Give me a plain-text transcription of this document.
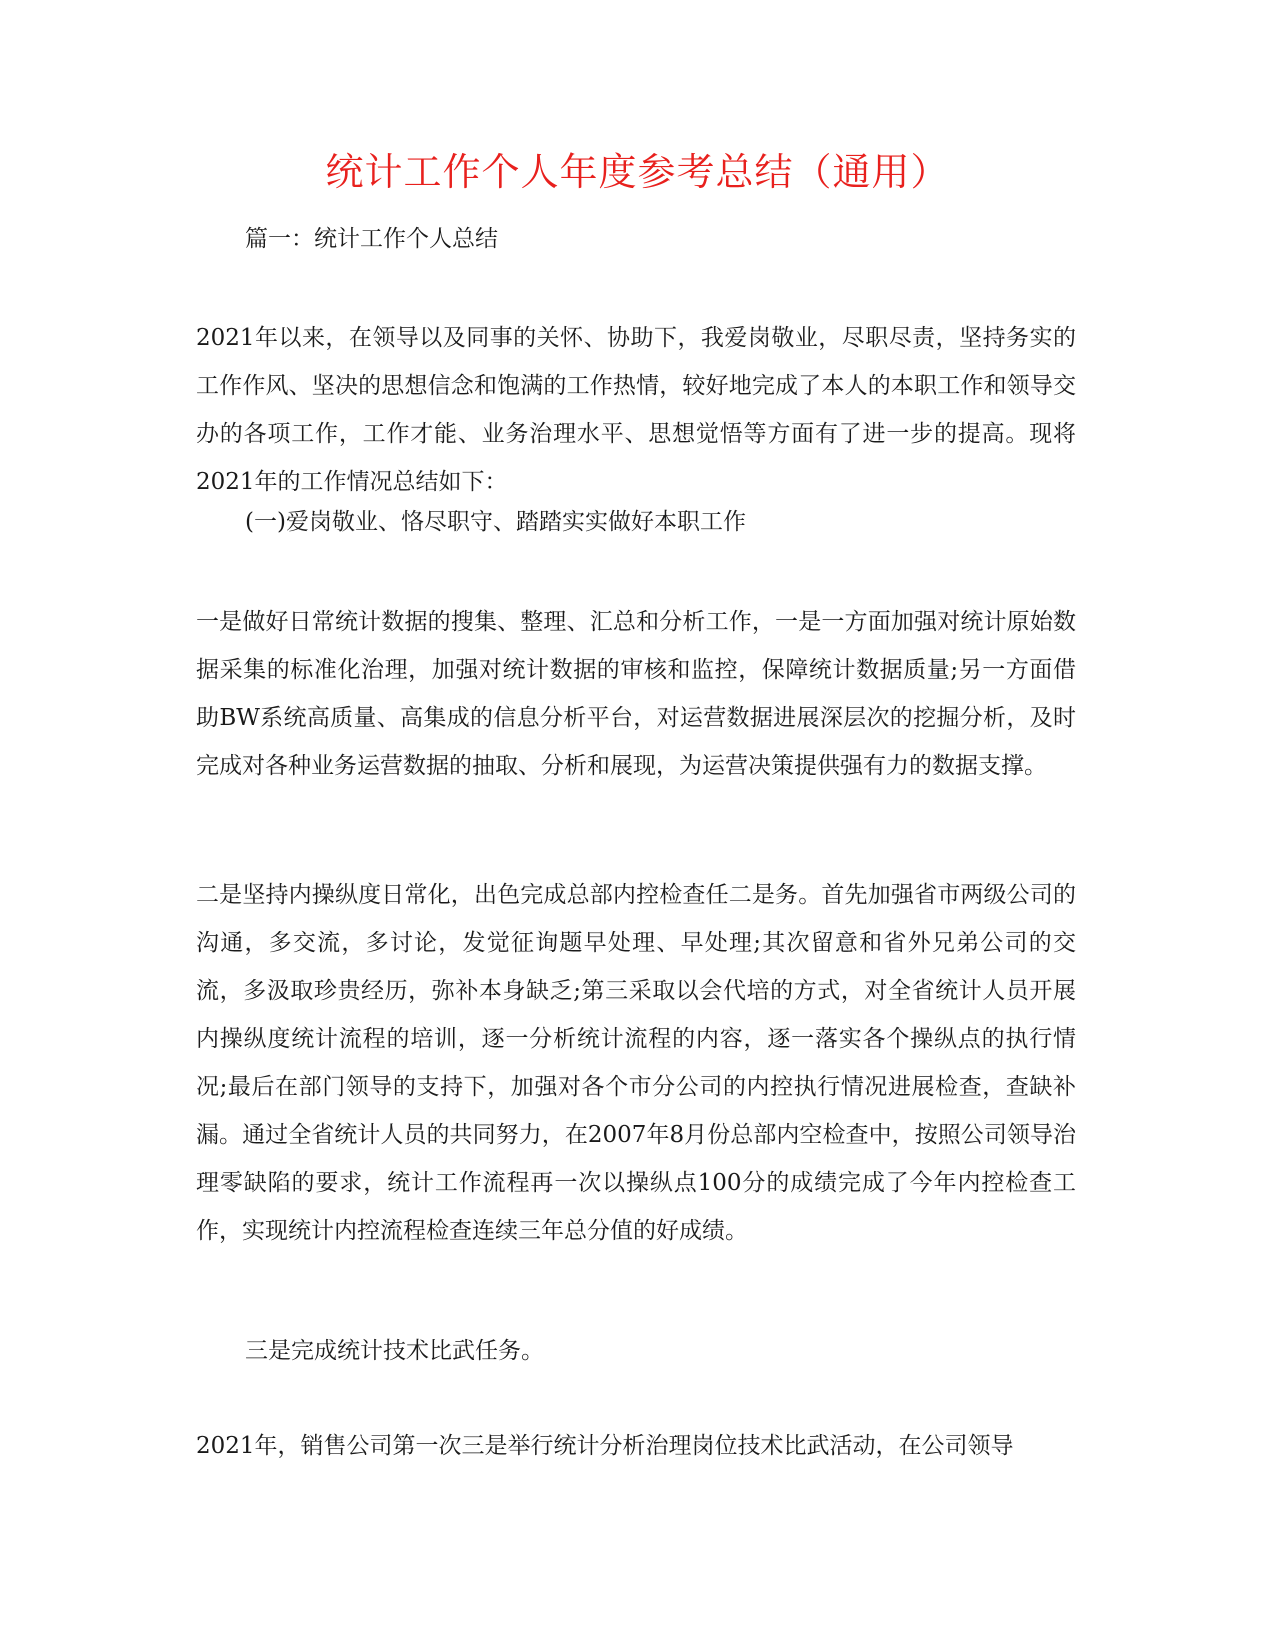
统计工作个人年度参考总结（通用）
篇一：统计工作个人总结
2021年以来，在领导以及同事的关怀、协助下，我爱岗敬业，尽职尽责，坚持务实的工作作风、坚决的思想信念和饱满的工作热情，较好地完成了本人的本职工作和领导交办的各项工作，工作才能、业务治理水平、思想觉悟等方面有了进一步的提高。现将2021年的工作情况总结如下：
(一)爱岗敬业、恪尽职守、踏踏实实做好本职工作
一是做好日常统计数据的搜集、整理、汇总和分析工作，一是一方面加强对统计原始数据采集的标准化治理，加强对统计数据的审核和监控，保障统计数据质量;另一方面借助BW系统高质量、高集成的信息分析平台，对运营数据进展深层次的挖掘分析，及时完成对各种业务运营数据的抽取、分析和展现，为运营决策提供强有力的数据支撑。
二是坚持内操纵度日常化，出色完成总部内控检查任二是务。首先加强省市两级公司的沟通，多交流，多讨论，发觉征询题早处理、早处理;其次留意和省外兄弟公司的交流，多汲取珍贵经历，弥补本身缺乏;第三采取以会代培的方式，对全省统计人员开展内操纵度统计流程的培训，逐一分析统计流程的内容，逐一落实各个操纵点的执行情况;最后在部门领导的支持下，加强对各个市分公司的内控执行情况进展检查，查缺补漏。通过全省统计人员的共同努力，在2007年8月份总部内空检查中，按照公司领导治理零缺陷的要求，统计工作流程再一次以操纵点100分的成绩完成了今年内控检查工作，实现统计内控流程检查连续三年总分值的好成绩。
三是完成统计技术比武任务。
2021年，销售公司第一次三是举行统计分析治理岗位技术比武活动，在公司领导
